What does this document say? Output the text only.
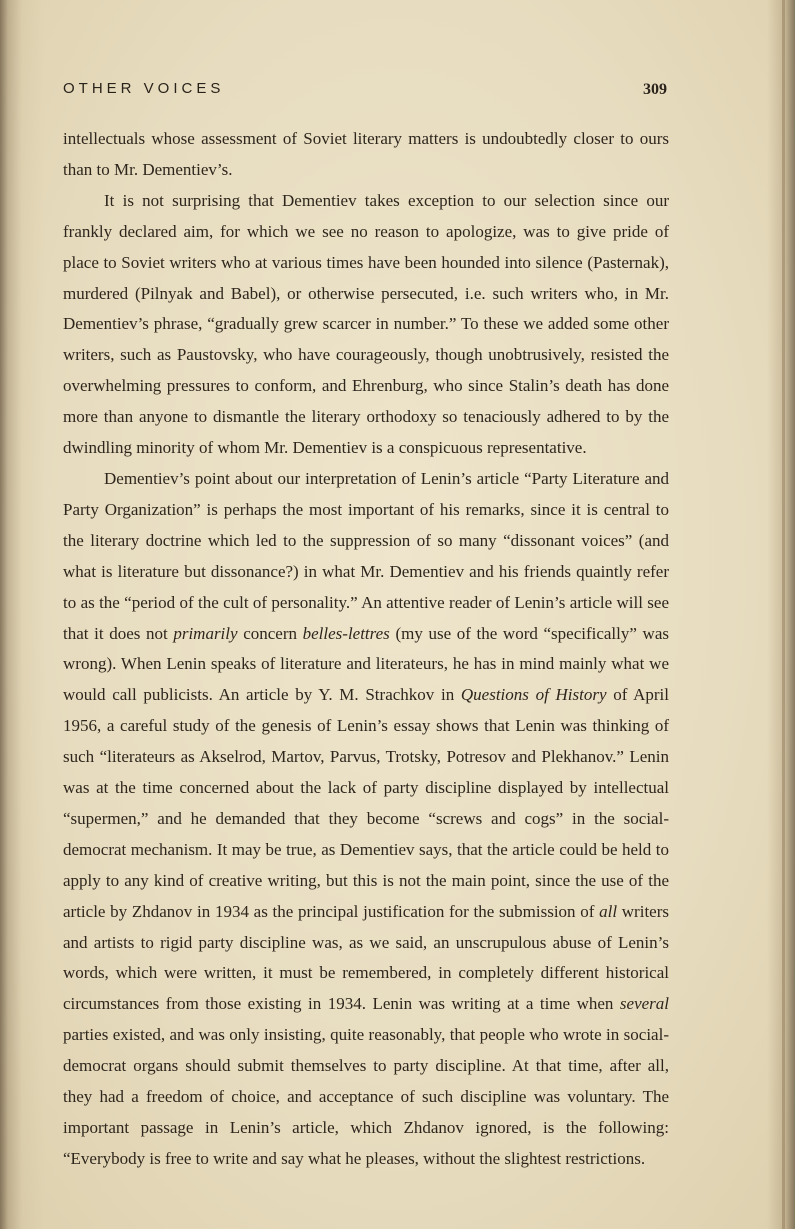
OTHER VOICES	309

intellectuals whose assessment of Soviet literary matters is undoubtedly closer to ours than to Mr. Dementiev’s.

It is not surprising that Dementiev takes exception to our selection since our frankly declared aim, for which we see no reason to apologize, was to give pride of place to Soviet writers who at various times have been hounded into silence (Pasternak), murdered (Pilnyak and Babel), or otherwise persecuted, i.e. such writers who, in Mr. Dementiev’s phrase, “gradually grew scarcer in number.” To these we added some other writers, such as Paustovsky, who have courageously, though unobtrusively, resisted the overwhelming pressures to conform, and Ehrenburg, who since Stalin’s death has done more than anyone to dismantle the literary orthodoxy so tenaciously adhered to by the dwindling minority of whom Mr. Dementiev is a conspicuous representative.

Dementiev’s point about our interpretation of Lenin’s article “Party Literature and Party Organization” is perhaps the most important of his remarks, since it is central to the literary doctrine which led to the suppression of so many “dissonant voices” (and what is literature but dissonance?) in what Mr. Dementiev and his friends quaintly refer to as the “period of the cult of personality.” An attentive reader of Lenin’s article will see that it does not primarily concern belles-lettres (my use of the word “specifically” was wrong). When Lenin speaks of literature and literateurs, he has in mind mainly what we would call publicists. An article by Y. M. Strachkov in Questions of History of April 1956, a careful study of the genesis of Lenin’s essay shows that Lenin was thinking of such “literateurs as Akselrod, Martov, Parvus, Trotsky, Potresov and Plekhanov.” Lenin was at the time concerned about the lack of party discipline displayed by intellectual “supermen,” and he demanded that they become “screws and cogs” in the social-democrat mechanism. It may be true, as Dementiev says, that the article could be held to apply to any kind of creative writing, but this is not the main point, since the use of the article by Zhdanov in 1934 as the principal justification for the submission of all writers and artists to rigid party discipline was, as we said, an unscrupulous abuse of Lenin’s words, which were written, it must be remembered, in completely different historical circumstances from those existing in 1934. Lenin was writing at a time when several parties existed, and was only insisting, quite reasonably, that people who wrote in social-democrat organs should submit themselves to party discipline. At that time, after all, they had a freedom of choice, and acceptance of such discipline was voluntary. The important passage in Lenin’s article, which Zhdanov ignored, is the following: “Everybody is free to write and say what he pleases, without the slightest restrictions.
